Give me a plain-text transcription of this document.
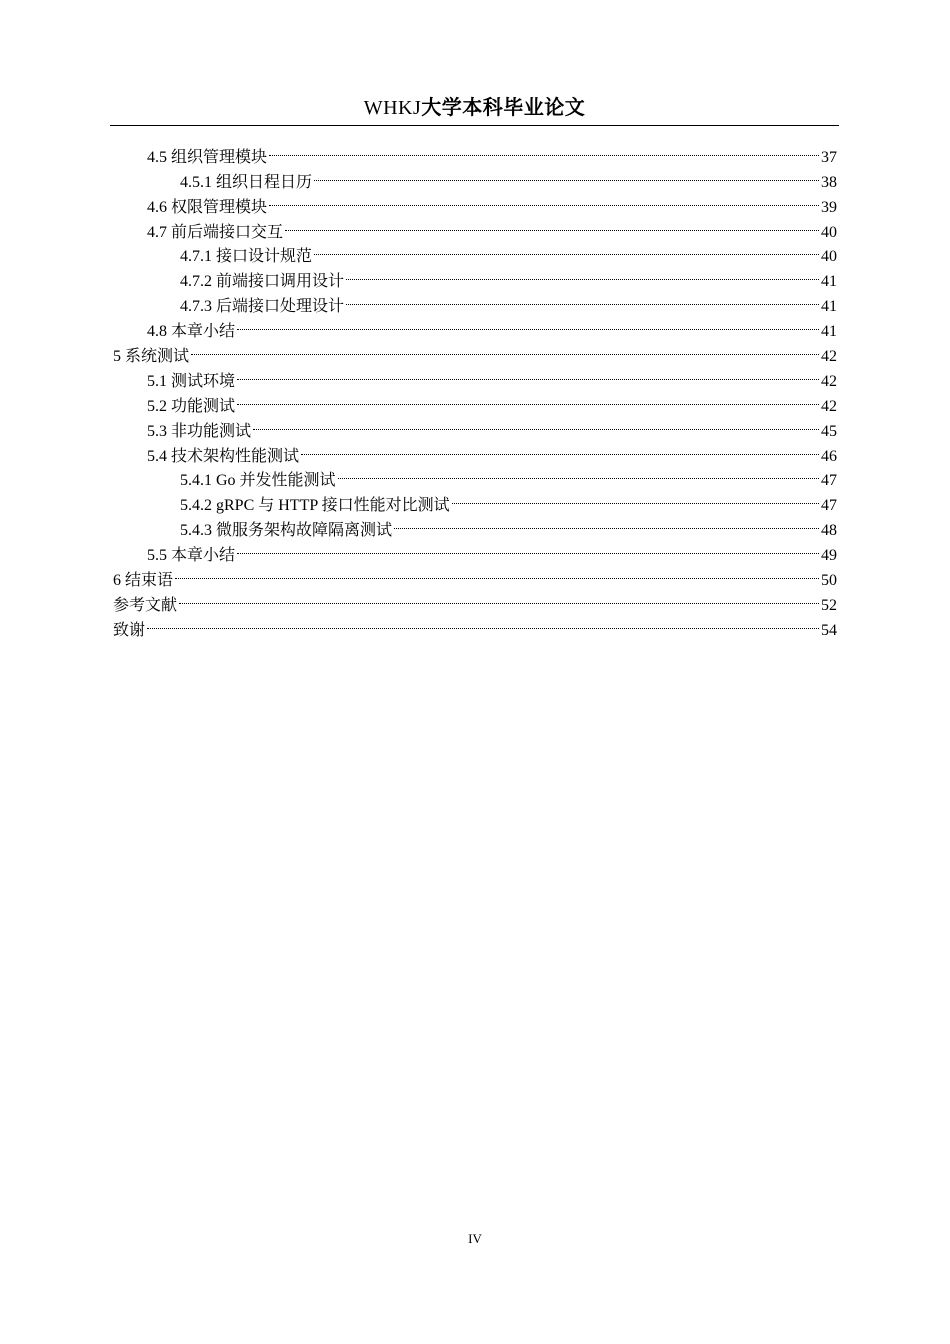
WHKJ大学本科毕业论文
4.5 组织管理模块	37
4.5.1 组织日程日历	38
4.6 权限管理模块	39
4.7 前后端接口交互	40
4.7.1 接口设计规范	40
4.7.2 前端接口调用设计	41
4.7.3 后端接口处理设计	41
4.8 本章小结	41
5 系统测试	42
5.1 测试环境	42
5.2 功能测试	42
5.3 非功能测试	45
5.4 技术架构性能测试	46
5.4.1 Go 并发性能测试	47
5.4.2 gRPC 与 HTTP 接口性能对比测试	47
5.4.3 微服务架构故障隔离测试	48
5.5 本章小结	49
6 结束语	50
参考文献	52
致谢	54
IV
